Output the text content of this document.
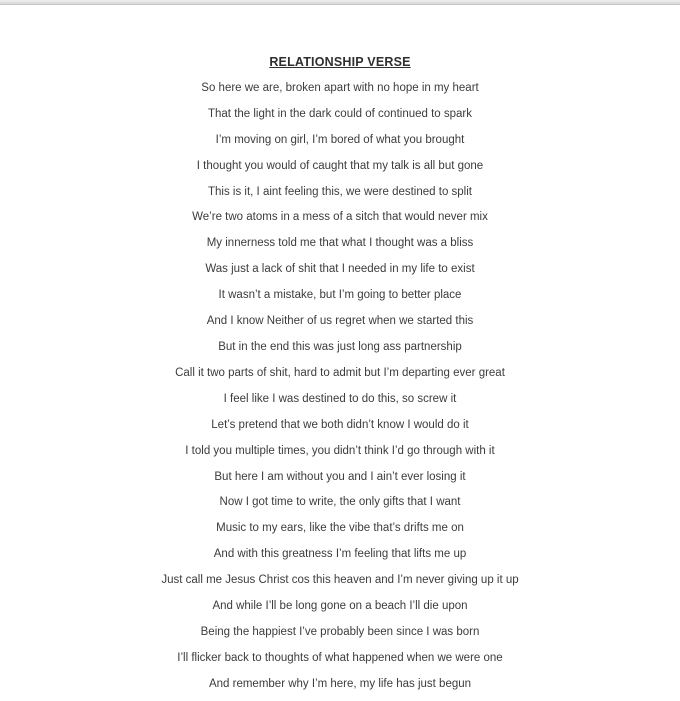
RELATIONSHIP VERSE

So here we are, broken apart with no hope in my heart

That the light in the dark could of continued to spark

I’m moving on girl, I’m bored of what you brought

I thought you would of caught that my talk is all but gone

This is it, I aint feeling this, we were destined to split

We’re two atoms in a mess of a sitch that would never mix

My innerness told me that what I thought was a bliss

Was just a lack of shit that I needed in my life to exist

It wasn’t a mistake, but I’m going to better place

And I know Neither of us regret when we started this

But in the end this was just long ass partnership

Call it two parts of shit, hard to admit but I’m departing ever great

I feel like I was destined to do this, so screw it

Let’s pretend that we both didn’t know I would do it

I told you multiple times, you didn’t think I’d go through with it

But here I am without you and I ain’t ever losing it

Now I got time to write, the only gifts that I want

Music to my ears, like the vibe that’s drifts me on

And with this greatness I’m feeling that lifts me up

Just call me Jesus Christ cos this heaven and I’m never giving up it up

And while I’ll be long gone on a beach I’ll die upon

Being the happiest I’ve probably been since I was born

I’ll flicker back to thoughts of what happened when we were one

And remember why I’m here, my life has just begun
